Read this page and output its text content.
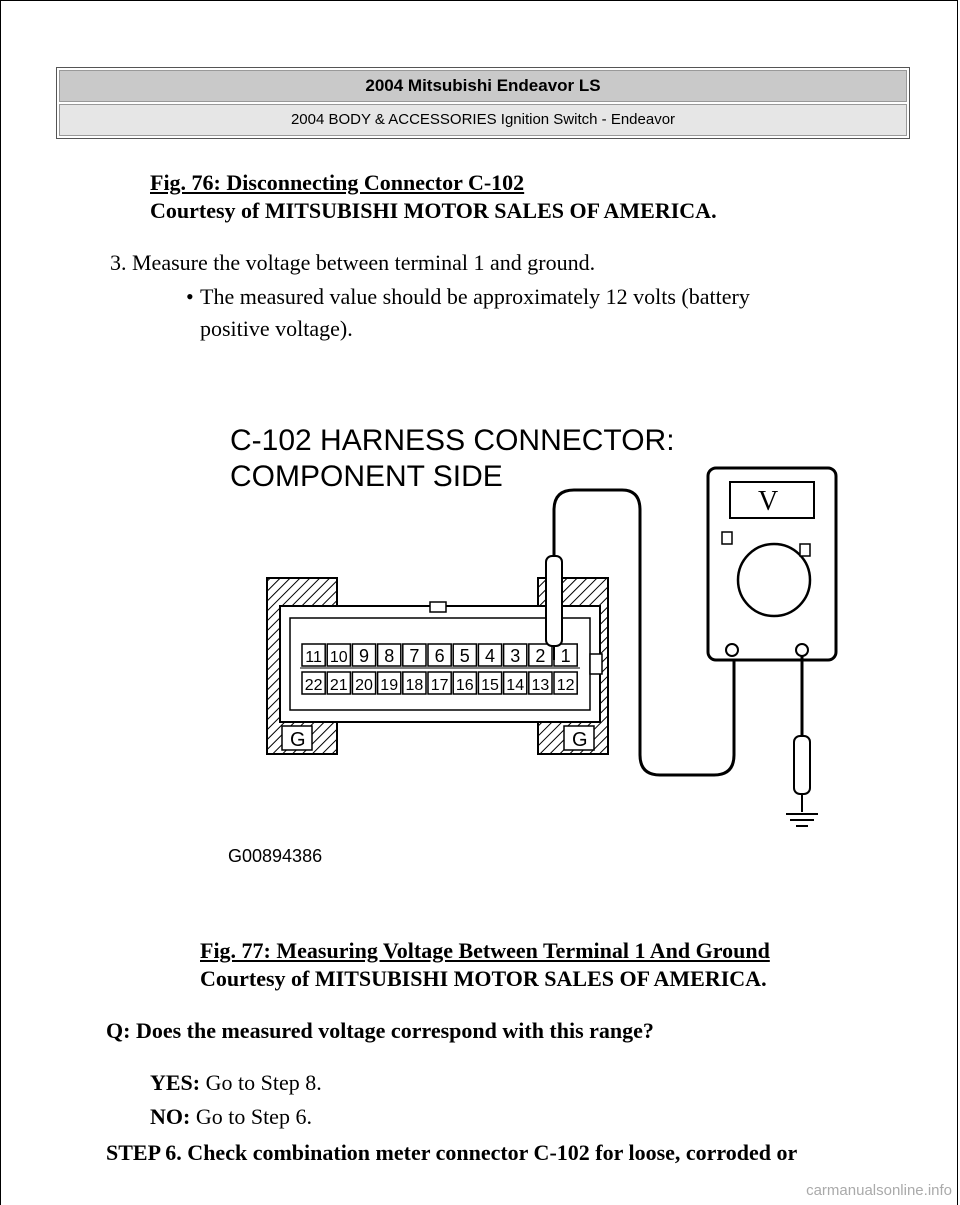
2004 Mitsubishi Endeavor LS
2004 BODY & ACCESSORIES Ignition Switch - Endeavor
Fig. 76: Disconnecting Connector C-102
Courtesy of MITSUBISHI MOTOR SALES OF AMERICA.
3. Measure the voltage between terminal 1 and ground.
• The measured value should be approximately 12 volts (battery
positive voltage).
C-102 HARNESS CONNECTOR:
COMPONENT SIDE
G	G
11 10 9 8 7 6 5 4 3 2 1
22 21 20 19 18 17 16 15 14 13 12
V
G00894386
Fig. 77: Measuring Voltage Between Terminal 1 And Ground
Courtesy of MITSUBISHI MOTOR SALES OF AMERICA.
Q: Does the measured voltage correspond with this range?
YES: Go to Step 8.
NO: Go to Step 6.
STEP 6. Check combination meter connector C-102 for loose, corroded or
carmanualsonline.info
